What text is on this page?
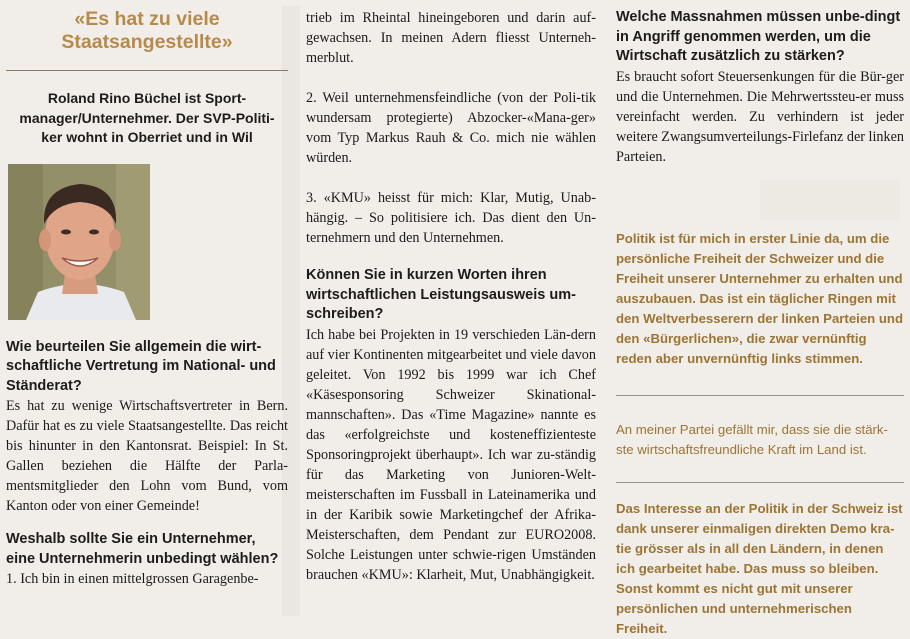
«Es hat zu viele
Staatsangestellte»

Roland Rino Büchel ist Sport-
manager/Unternehmer. Der SVP-Politi-
ker wohnt in Oberriet und in Wil

Wie beurteilen Sie allgemein die wirt-schaftliche Vertretung im National- und Ständerat?

Es hat zu wenige Wirtschaftsvertreter in Bern. Dafür hat es zu viele Staatsangestellte. Das reicht bis hinunter in den Kantonsrat. Beispiel: In St. Gallen beziehen die Hälfte der Parla-mentsmitglieder den Lohn vom Bund, vom Kanton oder von einer Gemeinde!

Weshalb sollte Sie ein Unternehmer, eine Unternehmerin unbedingt wählen?

1. Ich bin in einen mittelgrossen Garagenbe-

trieb im Rheintal hineingeboren und darin auf-gewachsen. In meinen Adern fliesst Unterneh-merblut.

2. Weil unternehmensfeindliche (von der Poli-tik wundersam protegierte) Abzocker-«Mana-ger» vom Typ Markus Rauh & Co. mich nie wählen würden.

3. «KMU» heisst für mich: Klar, Mutig, Unab-hängig. – So politisiere ich. Das dient den Un-ternehmern und den Unternehmen.

Können Sie in kurzen Worten ihren wirtschaftlichen Leistungsausweis um-schreiben?

Ich habe bei Projekten in 19 verschieden Län-dern auf vier Kontinenten mitgearbeitet und viele davon geleitet. Von 1992 bis 1999 war ich Chef «Käsesponsoring Schweizer Skinational-mannschaften». Das «Time Magazine» nannte es das «erfolgreichste und kosteneffizienteste Sponsoringprojekt überhaupt». Ich war zu-ständig für das Marketing von Junioren-Welt-meisterschaften im Fussball in Lateinamerika und in der Karibik sowie Marketingchef der Afrika-Meisterschaften, dem Pendant zur EURO2008. Solche Leistungen unter schwie-rigen Umständen brauchen «KMU»: Klarheit, Mut, Unabhängigkeit.

Welche Massnahmen müssen unbe-dingt in Angriff genommen werden, um die Wirtschaft zusätzlich zu stärken?

Es braucht sofort Steuersenkungen für die Bür-ger und die Unternehmen. Die Mehrwertssteu-er muss vereinfacht werden. Zu verhindern ist jeder weitere Zwangsumverteilungs-Firlefanz der linken Parteien.

Politik ist für mich in erster Linie da, um die persönliche Freiheit der Schweizer und die Freiheit unserer Unternehmer zu erhalten und auszubauen. Das ist ein täglicher Ringen mit den Weltverbesserern der linken Parteien und den «Bürgerlichen», die zwar vernünftig reden aber unvernünftig links stimmen.

An meiner Partei gefällt mir, dass sie die stärk-ste wirtschaftsfreundliche Kraft im Land ist.

Das Interesse an der Politik in der Schweiz ist dank unserer einmaligen direkten Demo kra-tie grösser als in all den Ländern, in denen ich gearbeitet habe. Das muss so bleiben. Sonst kommt es nicht gut mit unserer persönlichen und unternehmerischen Freiheit.
